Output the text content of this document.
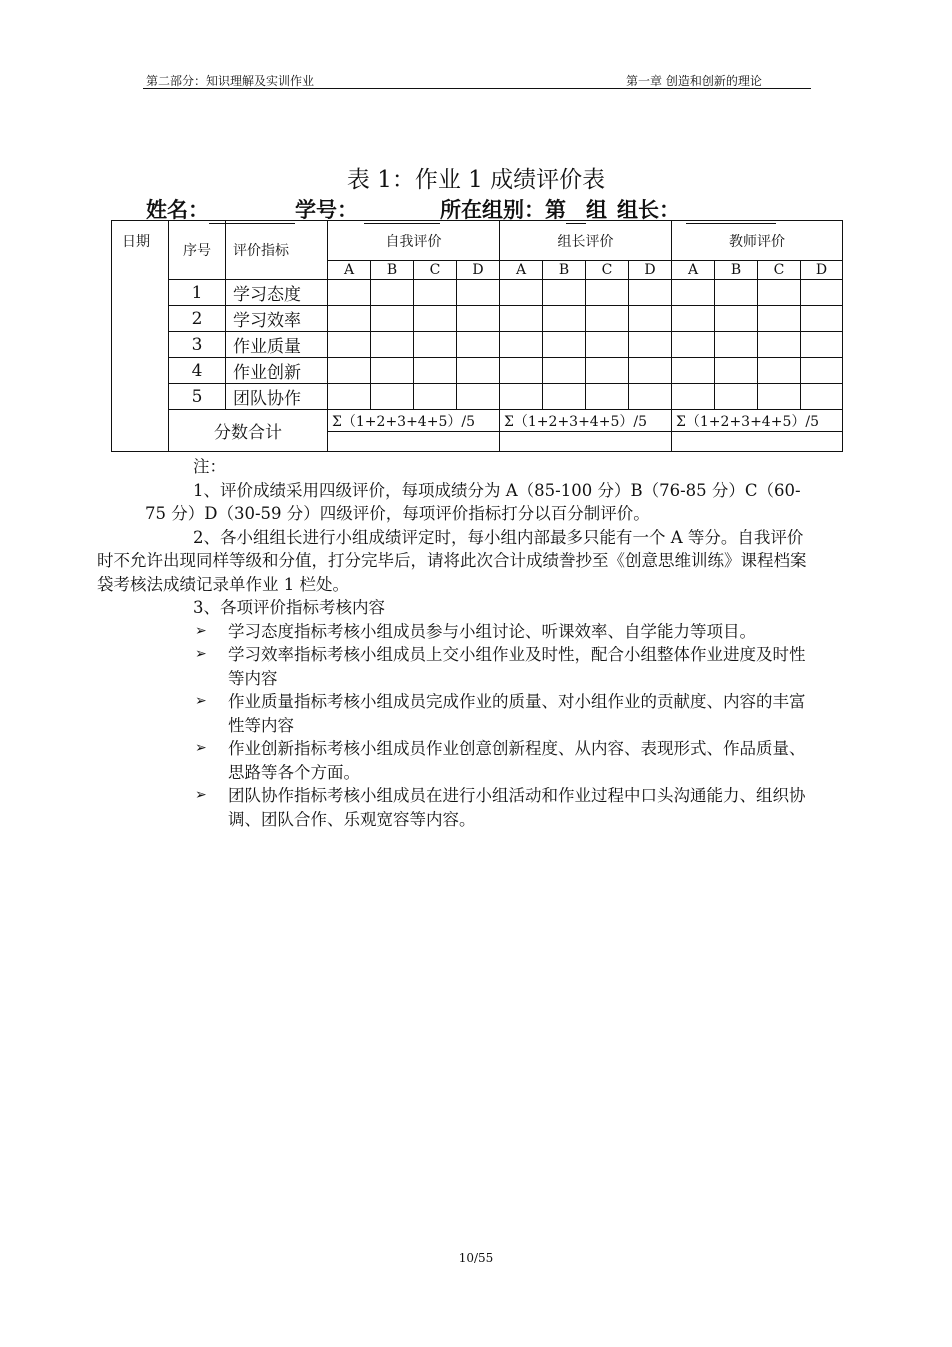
第二部分：知识理解及实训作业	第一章 创造和创新的理论
表 1：作业 1 成绩评价表
姓名：	学号：	所在组别：第 组 组长：
日期	序号	评价指标	自我评价				组长评价				教师评价			
			A	B	C	D	A	B	C	D	A	B	C	D
	1	学习态度												
	2	学习效率												
	3	作业质量												
	4	作业创新												
	5	团队协作												
	分数合计		Σ（1+2+3+4+5）/5				Σ（1+2+3+4+5）/5				Σ（1+2+3+4+5）/5			

注：

1、评价成绩采用四级评价，每项成绩分为 A（85-100 分）B（76-85 分）C（60-75 分）D（30-59 分）四级评价，每项评价指标打分以百分制评价。

2、各小组组长进行小组成绩评定时，每小组内部最多只能有一个 A 等分。自我评价时不允许出现同样等级和分值，打分完毕后，请将此次合计成绩誊抄至《创意思维训练》课程档案袋考核法成绩记录单作业 1 栏处。

3、各项评价指标考核内容

➢ 学习态度指标考核小组成员参与小组讨论、听课效率、自学能力等项目。

➢ 学习效率指标考核小组成员上交小组作业及时性，配合小组整体作业进度及时性等内容

➢ 作业质量指标考核小组成员完成作业的质量、对小组作业的贡献度、内容的丰富性等内容

➢ 作业创新指标考核小组成员作业创意创新程度、从内容、表现形式、作品质量、思路等各个方面。

➢ 团队协作指标考核小组成员在进行小组活动和作业过程中口头沟通能力、组织协调、团队合作、乐观宽容等内容。

10/55
